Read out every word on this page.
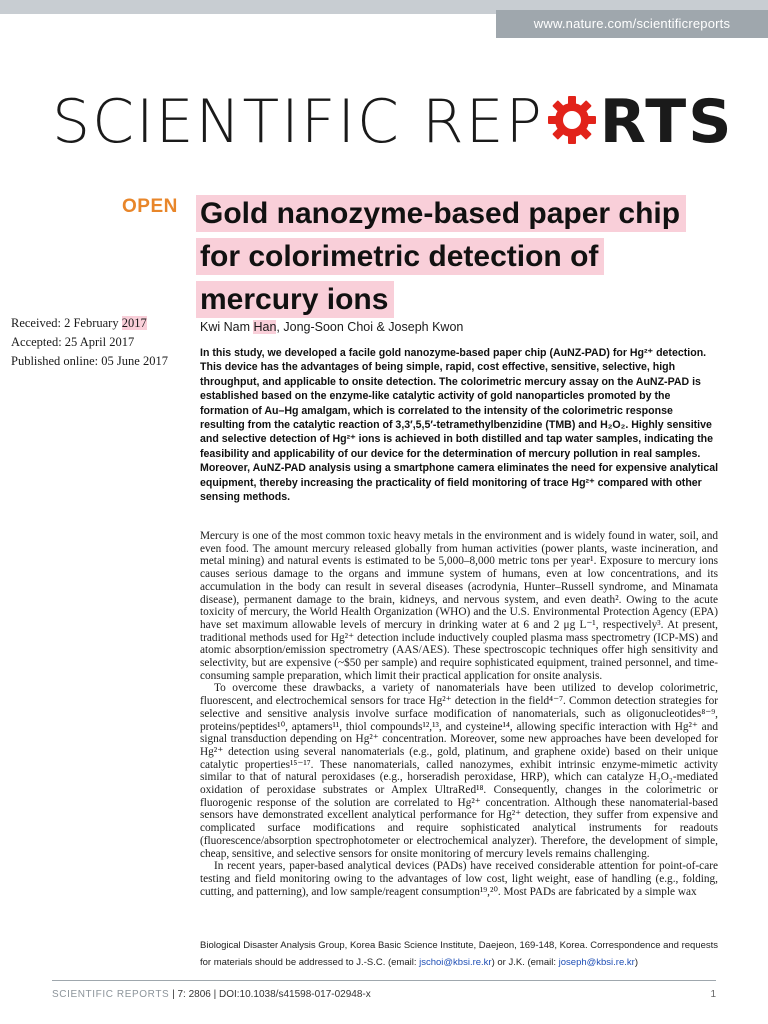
www.nature.com/scientificreports
SCIENTIFIC REP RTS
OPEN Gold nanozyme-based paper chip for colorimetric detection of mercury ions
Received: 2 February 2017
Accepted: 25 April 2017
Published online: 05 June 2017
Kwi Nam Han, Jong-Soon Choi & Joseph Kwon
In this study, we developed a facile gold nanozyme-based paper chip (AuNZ-PAD) for Hg²⁺ detection. This device has the advantages of being simple, rapid, cost effective, sensitive, selective, high throughput, and applicable to onsite detection. The colorimetric mercury assay on the AuNZ-PAD is established based on the enzyme-like catalytic activity of gold nanoparticles promoted by the formation of Au–Hg amalgam, which is correlated to the intensity of the colorimetric response resulting from the catalytic reaction of 3,3′,5,5′-tetramethylbenzidine (TMB) and H₂O₂. Highly sensitive and selective detection of Hg²⁺ ions is achieved in both distilled and tap water samples, indicating the feasibility and applicability of our device for the determination of mercury pollution in real samples. Moreover, AuNZ-PAD analysis using a smartphone camera eliminates the need for expensive analytical equipment, thereby increasing the practicality of field monitoring of trace Hg²⁺ compared with other sensing methods.

Mercury is one of the most common toxic heavy metals in the environment and is widely found in water, soil, and even food. The amount mercury released globally from human activities (power plants, waste incineration, and metal mining) and natural events is estimated to be 5,000–8,000 metric tons per year¹. Exposure to mercury ions causes serious damage to the organs and immune system of humans, even at low concentrations, and its accumulation in the body can result in several diseases (acrodynia, Hunter–Russell syndrome, and Minamata disease), permanent damage to the brain, kidneys, and nervous system, and even death². Owing to the acute toxicity of mercury, the World Health Organization (WHO) and the U.S. Environmental Protection Agency (EPA) have set maximum allowable levels of mercury in drinking water at 6 and 2 μg L⁻¹, respectively³. At present, traditional methods used for Hg²⁺ detection include inductively coupled plasma mass spectrometry (ICP-MS) and atomic absorption/emission spectrometry (AAS/AES). These spectroscopic techniques offer high sensitivity and selectivity, but are expensive (~$50 per sample) and require sophisticated equipment, trained personnel, and time-consuming sample preparation, which limit their practical application for onsite analysis.

To overcome these drawbacks, a variety of nanomaterials have been utilized to develop colorimetric, fluorescent, and electrochemical sensors for trace Hg²⁺ detection in the field⁴⁻⁷. Common detection strategies for selective and sensitive analysis involve surface modification of nanomaterials, such as oligonucleotides⁸⁻⁹, proteins/peptides¹⁰, aptamers¹¹, thiol compounds¹²,¹³, and cysteine¹⁴, allowing specific interaction with Hg²⁺ and signal transduction depending on Hg²⁺ concentration. Moreover, some new approaches have been developed for Hg²⁺ detection using several nanomaterials (e.g., gold, platinum, and graphene oxide) based on their unique catalytic properties¹⁵⁻¹⁷. These nanomaterials, called nanozymes, exhibit intrinsic enzyme-mimetic activity similar to that of natural peroxidases (e.g., horseradish peroxidase, HRP), which can catalyze H₂O₂-mediated oxidation of peroxidase substrates or Amplex UltraRed¹⁸. Consequently, changes in the colorimetric or fluorogenic response of the solution are correlated to Hg²⁺ concentration. Although these nanomaterial-based sensors have demonstrated excellent analytical performance for Hg²⁺ detection, they suffer from expensive and complicated surface modifications and require sophisticated analytical instruments for readouts (fluorescence/absorption spectrophotometer or electrochemical analyzer). Therefore, the development of simple, cheap, sensitive, and selective sensors for onsite monitoring of mercury levels remains challenging.

In recent years, paper-based analytical devices (PADs) have received considerable attention for point-of-care testing and field monitoring owing to the advantages of low cost, light weight, ease of handling (e.g., folding, cutting, and patterning), and low sample/reagent consumption¹⁹,²⁰. Most PADs are fabricated by a simple wax

Biological Disaster Analysis Group, Korea Basic Science Institute, Daejeon, 169-148, Korea. Correspondence and requests for materials should be addressed to J.-S.C. (email: jschoi@kbsi.re.kr) or J.K. (email: joseph@kbsi.re.kr)
SCIENTIFIC REPORTS | 7: 2806 | DOI:10.1038/s41598-017-02948-x	1
